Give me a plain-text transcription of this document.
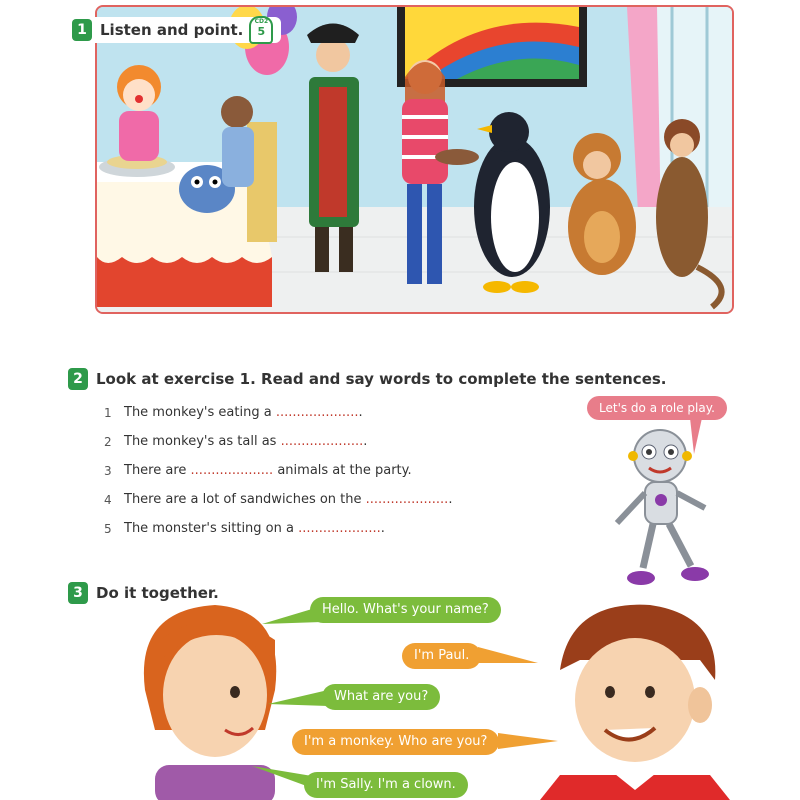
1 Listen and point. CD2
5
2 Look at exercise 1. Read and say words to complete the sentences.
1 The monkey's eating a
.................... .
2 The monkey's as tall as
.................... .
3 There are
....................
animals at the party.
4 There are a lot of sandwiches on the
.................... .
5 The monster's sitting on a
.................... .
Let's do a role play.
3 Do it together.
Hello. What's your name?
I'm Paul.
What are you?
I'm a monkey. Who are you?
I'm Sally. I'm a clown.
